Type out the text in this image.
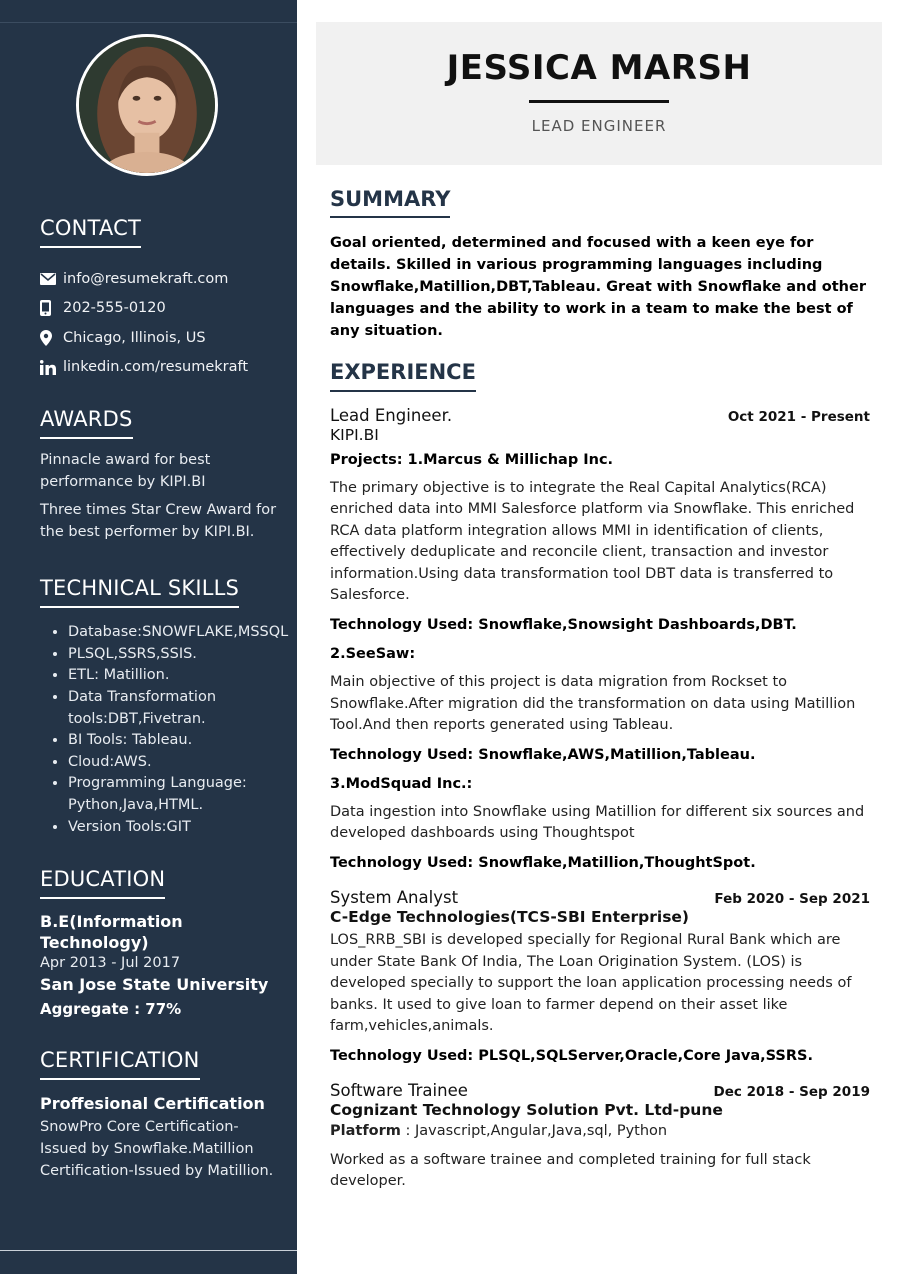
CONTACT
info@resumekraft.com
202-555-0120
Chicago, Illinois, US
linkedin.com/resumekraft
AWARDS

Pinnacle award for best performance by KIPI.BI

Three times Star Crew Award for the best performer by KIPI.BI.

TECHNICAL SKILLS
• Database:SNOWFLAKE,MSSQL
• PLSQL,SSRS,SSIS.
• ETL: Matillion.
• Data Transformation tools:DBT,Fivetran.
• BI Tools: Tableau.
• Cloud:AWS.
• Programming Language: Python,Java,HTML.
• Version Tools:GIT
EDUCATION

B.E(Information Technology)

Apr 2013 - Jul 2017

San Jose State University

Aggregate : 77%

CERTIFICATION

Proffesional Certification

SnowPro Core Certification-Issued by Snowflake.Matillion Certification-Issued by Matillion.

JESSICA MARSH

LEAD ENGINEER

SUMMARY

Goal oriented, determined and focused with a keen eye for details. Skilled in various programming languages including Snowflake,Matillion,DBT,Tableau. Great with Snowflake and other languages and the ability to work in a team to make the best of any situation.

EXPERIENCE
Lead Engineer.	Oct 2021 - Present

KIPI.BI

Projects: 1.Marcus & Millichap Inc.

The primary objective is to integrate the Real Capital Analytics(RCA) enriched data into MMI Salesforce platform via Snowflake. This enriched RCA data platform integration allows MMI in identification of clients, effectively deduplicate and reconcile client, transaction and investor information.Using data transformation tool DBT data is transferred to Salesforce.

Technology Used: Snowflake,Snowsight Dashboards,DBT.

2.SeeSaw:

Main objective of this project is data migration from Rockset to Snowflake.After migration did the transformation on data using Matillion Tool.And then reports generated using Tableau.

Technology Used: Snowflake,AWS,Matillion,Tableau.

3.ModSquad Inc.:

Data ingestion into Snowflake using Matillion for different six sources and developed dashboards using Thoughtspot

Technology Used: Snowflake,Matillion,ThoughtSpot.

System Analyst	Feb 2020 - Sep 2021

C-Edge Technologies(TCS-SBI Enterprise)

LOS_RRB_SBI is developed specially for Regional Rural Bank which are under State Bank Of India, The Loan Origination System. (LOS) is developed specially to support the loan application processing needs of banks. It used to give loan to farmer depend on their asset like farm,vehicles,animals.

Technology Used: PLSQL,SQLServer,Oracle,Core Java,SSRS.

Software Trainee	Dec 2018 - Sep 2019

Cognizant Technology Solution Pvt. Ltd-pune

Platform : Javascript,Angular,Java,sql, Python

Worked as a software trainee and completed training for full stack developer.
